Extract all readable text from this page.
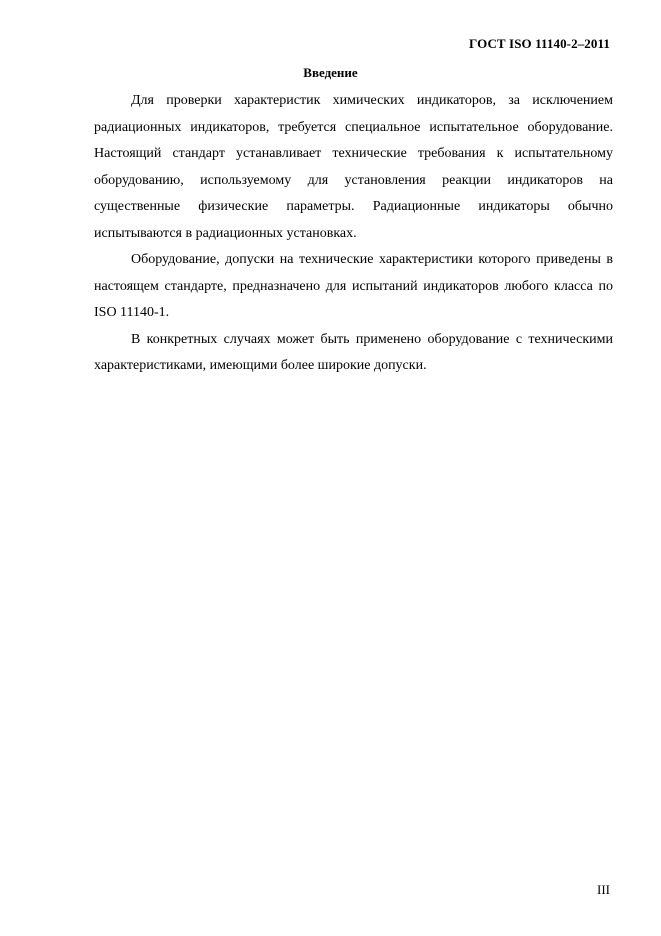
ГОСТ ISO 11140-2–2011
Введение

Для проверки характеристик химических индикаторов, за исключением радиационных индикаторов, требуется специальное испытательное оборудование. Настоящий стандарт устанавливает технические требования к испытательному оборудованию, используемому для установления реакции индикаторов на существенные физические параметры. Радиационные индикаторы обычно испытываются в радиационных установках.

Оборудование, допуски на технические характеристики которого приведены в настоящем стандарте, предназначено для испытаний индикаторов любого класса по ISO 11140-1.

В конкретных случаях может быть применено оборудование с техническими характеристиками, имеющими более широкие допуски.

III
